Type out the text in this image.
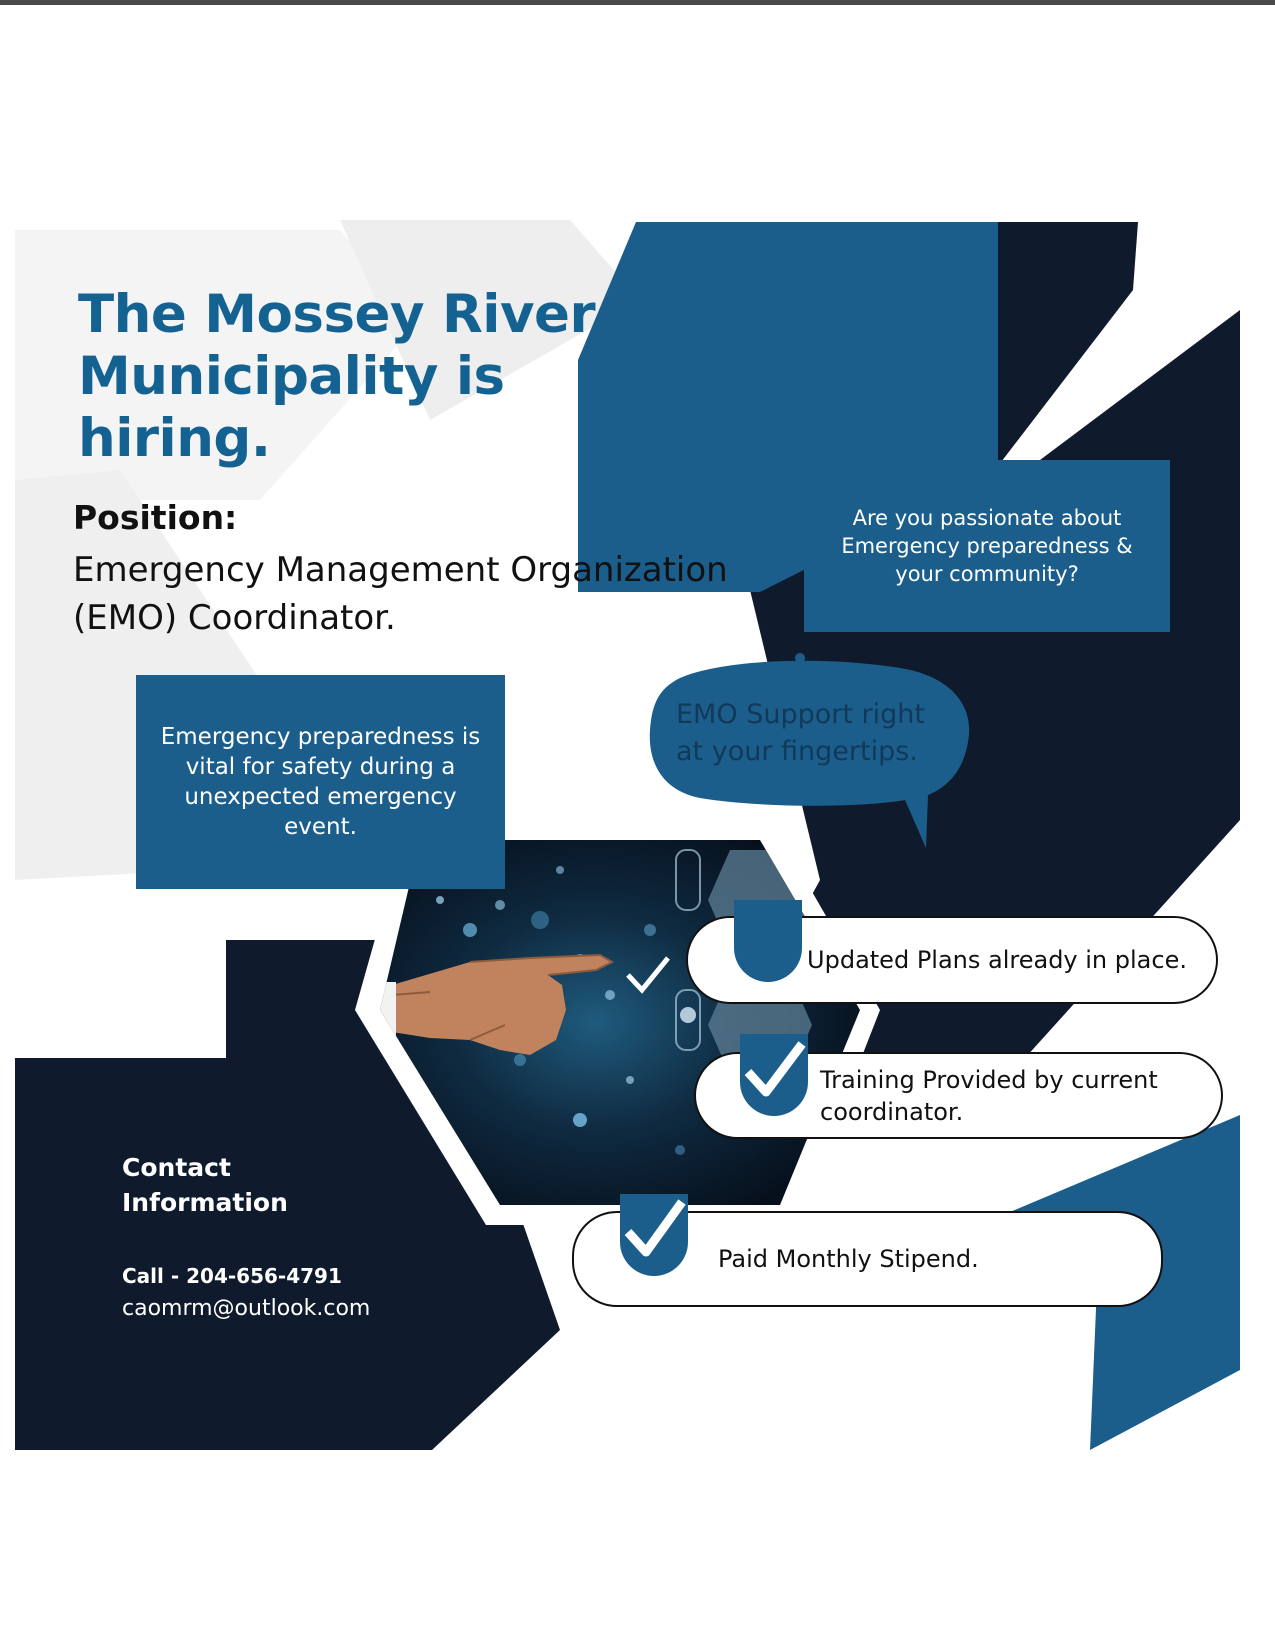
The Mossey River Municipality is hiring.

Position:

Emergency Management Organization (EMO) Coordinator.

Are you passionate about Emergency preparedness & your community?
Emergency preparedness is vital for safety during a unexpected emergency event.

EMO Support right at your fingertips.

Updated Plans already in place.
Training Provided by current coordinator.
Paid Monthly Stipend.

Contact Information

Call - 204-656-4791

caomrm@outlook.com
